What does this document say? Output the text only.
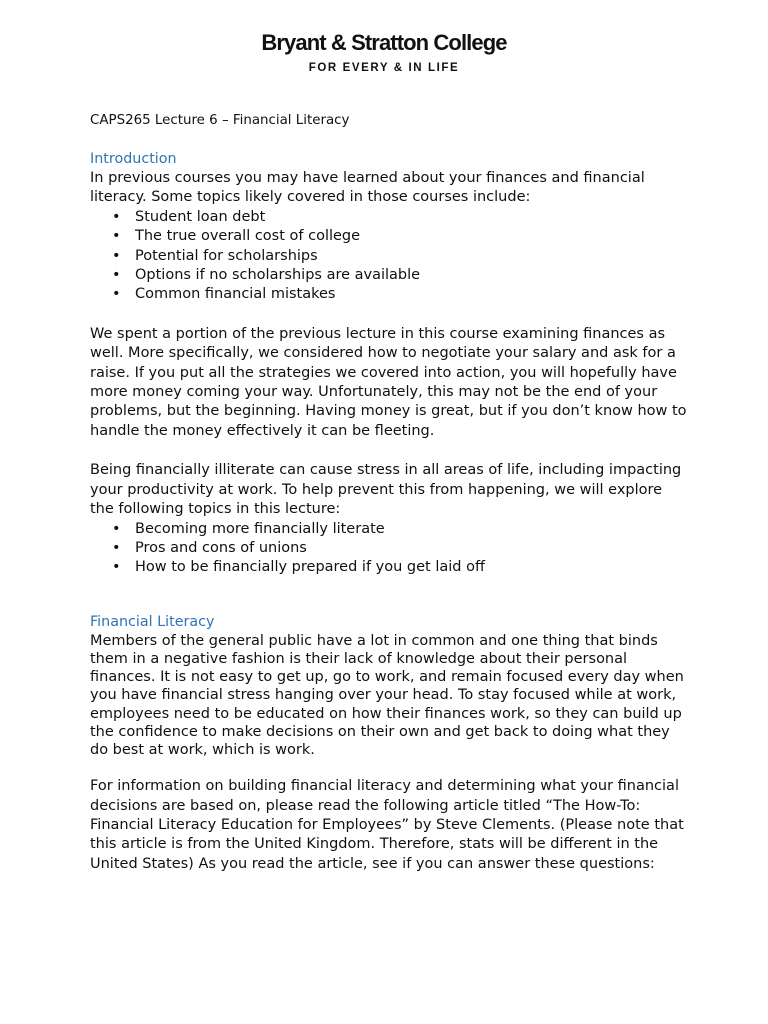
Bryant & Stratton College
FOR EVERY & IN LIFE

CAPS265 Lecture 6 – Financial Literacy

Introduction

In previous courses you may have learned about your finances and financial literacy. Some topics likely covered in those courses include:

• Student loan debt
• The true overall cost of college
• Potential for scholarships
• Options if no scholarships are available
• Common financial mistakes

We spent a portion of the previous lecture in this course examining finances as well. More specifically, we considered how to negotiate your salary and ask for a raise. If you put all the strategies we covered into action, you will hopefully have more money coming your way. Unfortunately, this may not be the end of your problems, but the beginning. Having money is great, but if you don’t know how to handle the money effectively it can be fleeting.

Being financially illiterate can cause stress in all areas of life, including impacting your productivity at work. To help prevent this from happening, we will explore the following topics in this lecture:

• Becoming more financially literate
• Pros and cons of unions
• How to be financially prepared if you get laid off

Financial Literacy

Members of the general public have a lot in common and one thing that binds them in a negative fashion is their lack of knowledge about their personal finances. It is not easy to get up, go to work, and remain focused every day when you have financial stress hanging over your head. To stay focused while at work, employees need to be educated on how their finances work, so they can build up the confidence to make decisions on their own and get back to doing what they do best at work, which is work.

For information on building financial literacy and determining what your financial decisions are based on, please read the following article titled “The How-To: Financial Literacy Education for Employees” by Steve Clements. (Please note that this article is from the United Kingdom. Therefore, stats will be different in the United States) As you read the article, see if you can answer these questions:
